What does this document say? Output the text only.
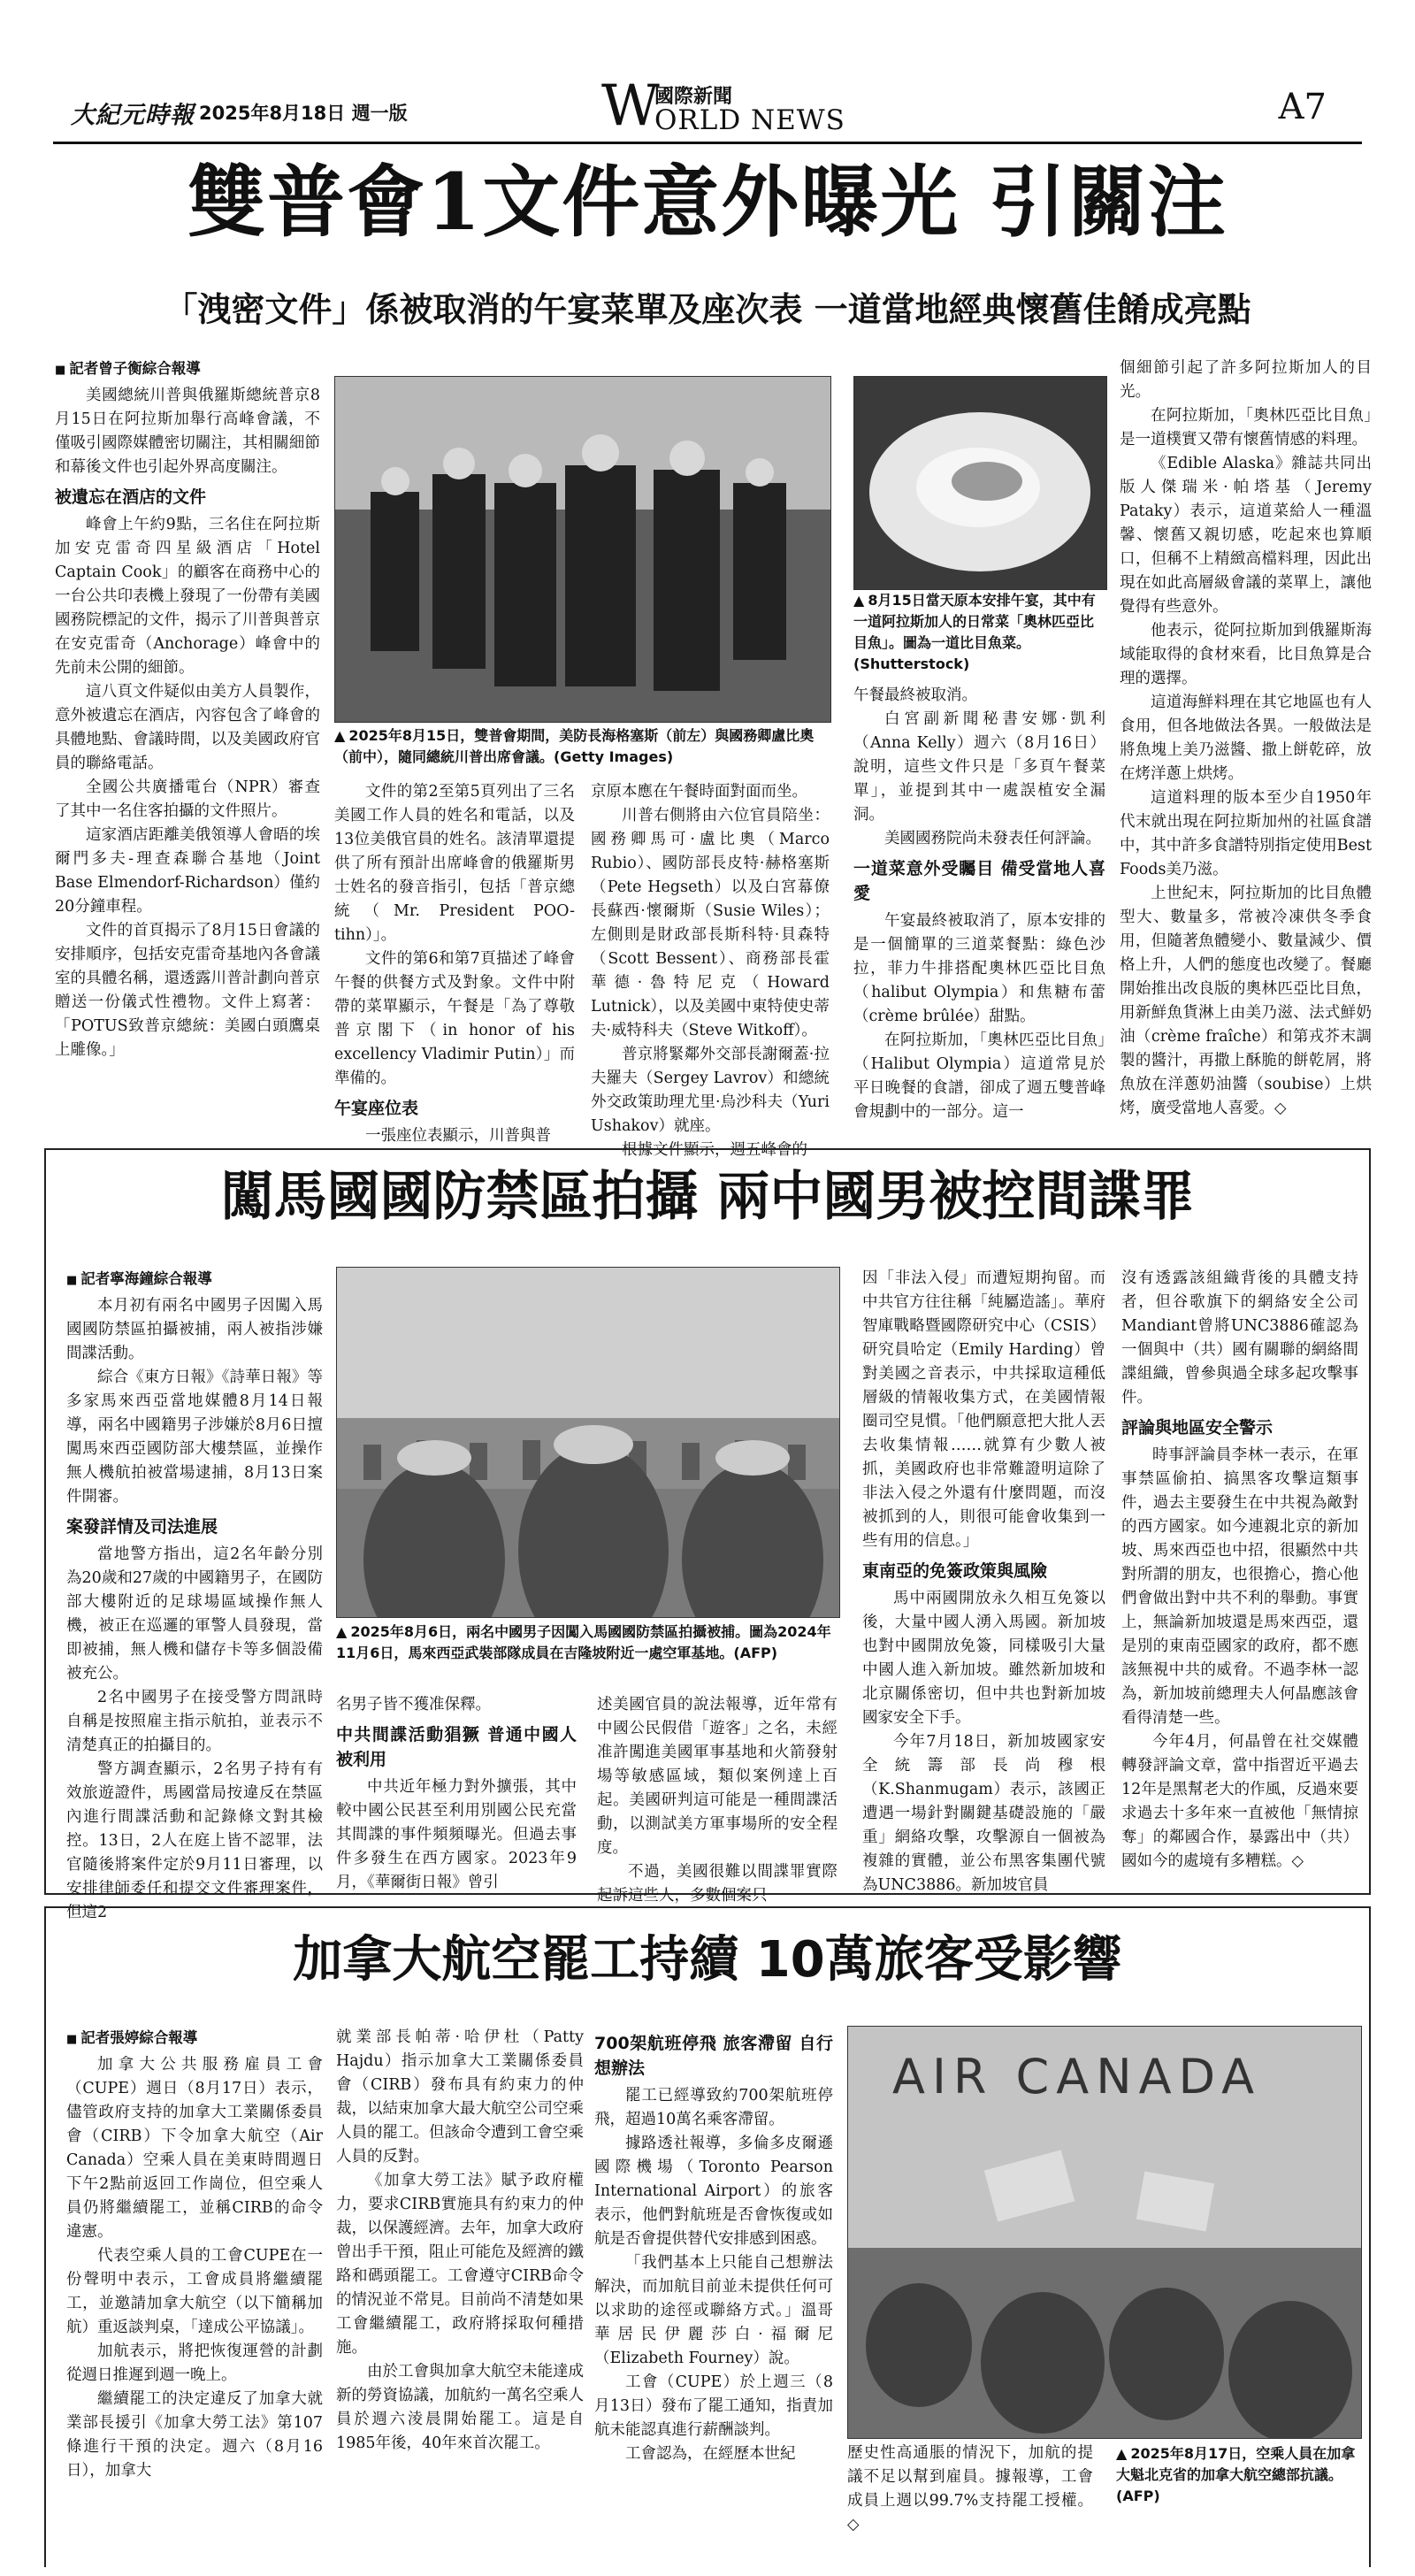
大紀元時報 2025年8月18日 週一版	W
國際新聞
ORLD NEWS	A7
雙普會1文件意外曝光 引關注
「洩密文件」係被取消的午宴菜單及座次表 一道當地經典懷舊佳餚成亮點
■ 記者曾子衡綜合報導

美國總統川普與俄羅斯總統普京8月15日在阿拉斯加舉行高峰會議，不僅吸引國際媒體密切關注，其相關細節和幕後文件也引起外界高度關注。

被遺忘在酒店的文件

峰會上午約9點，三名住在阿拉斯加安克雷奇四星級酒店「Hotel Captain Cook」的顧客在商務中心的一台公共印表機上發現了一份帶有美國國務院標記的文件，揭示了川普與普京在安克雷奇（Anchorage）峰會中的先前未公開的細節。

這八頁文件疑似由美方人員製作，意外被遺忘在酒店，內容包含了峰會的具體地點、會議時間，以及美國政府官員的聯絡電話。

全國公共廣播電台（NPR）審查了其中一名住客拍攝的文件照片。

這家酒店距離美俄領導人會晤的埃爾門多夫-理查森聯合基地（Joint Base Elmendorf-Richardson）僅約20分鐘車程。

文件的首頁揭示了8月15日會議的安排順序，包括安克雷奇基地內各會議室的具體名稱，還透露川普計劃向普京贈送一份儀式性禮物。文件上寫著：「POTUS致普京總統：美國白頭鷹桌上雕像。」

▲ 2025年8月15日，雙普會期間，美防長海格塞斯（前左）與國務卿盧比奧（前中），隨同總統川普出席會議。(Getty Images)

文件的第2至第5頁列出了三名美國工作人員的姓名和電話，以及13位美俄官員的姓名。該清單還提供了所有預計出席峰會的俄羅斯男士姓名的發音指引，包括「普京總統（Mr. President POO-tihn）」。

文件的第6和第7頁描述了峰會午餐的供餐方式及對象。文件中附帶的菜單顯示，午餐是「為了尊敬普京閣下（in honor of his excellency Vladimir Putin）」而準備的。

午宴座位表

一張座位表顯示，川普與普

京原本應在午餐時面對面而坐。

川普右側將由六位官員陪坐：國務卿馬可·盧比奧（Marco Rubio）、國防部長皮特·赫格塞斯（Pete Hegseth）以及白宮幕僚長蘇西·懷爾斯（Susie Wiles）；左側則是財政部長斯科特·貝森特（Scott Bessent）、商務部長霍華德·魯特尼克（Howard Lutnick），以及美國中東特使史蒂夫·威特科夫（Steve Witkoff）。

普京將緊鄰外交部長謝爾蓋·拉夫羅夫（Sergey Lavrov）和總統外交政策助理尤里·烏沙科夫（Yuri Ushakov）就座。

根據文件顯示，週五峰會的

▲ 8月15日當天原本安排午宴，其中有一道阿拉斯加人的日常菜「奧林匹亞比目魚」。圖為一道比目魚菜。(Shutterstock)

午餐最終被取消。

白宮副新聞秘書安娜·凱利（Anna Kelly）週六（8月16日）說明，這些文件只是「多頁午餐菜單」，並提到其中一處誤植安全漏洞。

美國國務院尚未發表任何評論。

一道菜意外受矚目 備受當地人喜愛

午宴最終被取消了，原本安排的是一個簡單的三道菜餐點：綠色沙拉，菲力牛排搭配奧林匹亞比目魚（halibut Olympia）和焦糖布蕾（crème brûlée）甜點。

在阿拉斯加，「奧林匹亞比目魚」（Halibut Olympia）這道常見於平日晚餐的食譜，卻成了週五雙普峰會規劃中的一部分。這一

個細節引起了許多阿拉斯加人的目光。

在阿拉斯加，「奧林匹亞比目魚」是一道樸實又帶有懷舊情感的料理。

《Edible Alaska》雜誌共同出版人傑瑞米·帕塔基（Jeremy Pataky）表示，這道菜給人一種溫馨、懷舊又親切感，吃起來也算順口，但稱不上精緻高檔料理，因此出現在如此高層級會議的菜單上，讓他覺得有些意外。

他表示，從阿拉斯加到俄羅斯海域能取得的食材來看，比目魚算是合理的選擇。

這道海鮮料理在其它地區也有人食用，但各地做法各異。一般做法是將魚塊上美乃滋醬、撒上餅乾碎，放在烤洋蔥上烘烤。

這道料理的版本至少自1950年代末就出現在阿拉斯加州的社區食譜中，其中許多食譜特別指定使用Best Foods美乃滋。

上世紀末，阿拉斯加的比目魚體型大、數量多，常被冷凍供冬季食用，但隨著魚體變小、數量減少、價格上升，人們的態度也改變了。餐廳開始推出改良版的奧林匹亞比目魚，用新鮮魚貨淋上由美乃滋、法式鮮奶油（crème fraîche）和第戎芥末調製的醬汁，再撒上酥脆的餅乾屑，將魚放在洋蔥奶油醬（soubise）上烘烤，廣受當地人喜愛。◇

闖馬國國防禁區拍攝 兩中國男被控間諜罪
■ 記者寧海鐘綜合報導

本月初有兩名中國男子因闖入馬國國防禁區拍攝被捕，兩人被指涉嫌間諜活動。

綜合《東方日報》《詩華日報》等多家馬來西亞當地媒體8月14日報導，兩名中國籍男子涉嫌於8月6日擅闖馬來西亞國防部大樓禁區，並操作無人機航拍被當場逮捕，8月13日案件開審。

案發詳情及司法進展

當地警方指出，這2名年齡分別為20歲和27歲的中國籍男子，在國防部大樓附近的足球場區域操作無人機，被正在巡邏的軍警人員發現，當即被捕，無人機和儲存卡等多個設備被充公。

2名中國男子在接受警方問訊時自稱是按照雇主指示航拍，並表示不清楚真正的拍攝目的。

警方調查顯示，2名男子持有有效旅遊證件，馬國當局按違反在禁區內進行間諜活動和記錄條文對其檢控。13日，2人在庭上皆不認罪，法官隨後將案件定於9月11日審理，以安排律師委任和提交文件審理案件，但這2

▲ 2025年8月6日，兩名中國男子因闖入馬國國防禁區拍攝被捕。圖為2024年11月6日，馬來西亞武裝部隊成員在吉隆坡附近一處空軍基地。(AFP)

名男子皆不獲准保釋。

中共間諜活動猖獗 普通中國人被利用

中共近年極力對外擴張，其中較中國公民甚至利用別國公民充當其間諜的事件頻頻曝光。但過去事件多發生在西方國家。2023年9月，《華爾街日報》曾引

述美國官員的說法報導，近年常有中國公民假借「遊客」之名，未經准許闖進美國軍事基地和火箭發射場等敏感區域，類似案例達上百起。美國研判這可能是一種間諜活動，以測試美方軍事場所的安全程度。

不過，美國很難以間諜罪實際起訴這些人，多數個案只

因「非法入侵」而遭短期拘留。而中共官方往往稱「純屬造謠」。華府智庫戰略暨國際研究中心（CSIS）研究員哈定（Emily Harding）曾對美國之音表示，中共採取這種低層級的情報收集方式，在美國情報圈司空見慣。「他們願意把大批人丟去收集情報……就算有少數人被抓，美國政府也非常難證明這除了非法入侵之外還有什麼問題，而沒被抓到的人，則很可能會收集到一些有用的信息。」

東南亞的免簽政策與風險

馬中兩國開放永久相互免簽以後，大量中國人湧入馬國。新加坡也對中國開放免簽，同樣吸引大量中國人進入新加坡。雖然新加坡和北京關係密切，但中共也對新加坡國家安全下手。

今年7月18日，新加坡國家安全統籌部長尚穆根（K.Shanmugam）表示，該國正遭遇一場針對關鍵基礎設施的「嚴重」網絡攻擊，攻擊源自一個被為複雜的實體，並公布黑客集團代號為UNC3886。新加坡官員

沒有透露該組織背後的具體支持者，但谷歌旗下的網絡安全公司Mandiant曾將UNC3886確認為一個與中（共）國有關聯的網絡間諜組織，曾參與過全球多起攻擊事件。

評論與地區安全警示

時事評論員李林一表示，在軍事禁區偷拍、搞黑客攻擊這類事件，過去主要發生在中共視為敵對的西方國家。如今連親北京的新加坡、馬來西亞也中招，很顯然中共對所謂的朋友，也很擔心，擔心他們會做出對中共不利的舉動。事實上，無論新加坡還是馬來西亞，還是別的東南亞國家的政府，都不應該無視中共的威脅。不過李林一認為，新加坡前總理夫人何晶應該會看得清楚一些。

今年4月，何晶曾在社交媒體轉發評論文章，當中指習近平過去12年是黑幫老大的作風，反過來要求過去十多年來一直被他「無情掠奪」的鄰國合作，暴露出中（共）國如今的處境有多糟糕。◇

加拿大航空罷工持續 10萬旅客受影響
■ 記者張婷綜合報導

加拿大公共服務雇員工會（CUPE）週日（8月17日）表示，儘管政府支持的加拿大工業關係委員會（CIRB）下令加拿大航空（Air Canada）空乘人員在美東時間週日下午2點前返回工作崗位，但空乘人員仍將繼續罷工，並稱CIRB的命令違憲。

代表空乘人員的工會CUPE在一份聲明中表示，工會成員將繼續罷工，並邀請加拿大航空（以下簡稱加航）重返談判桌，「達成公平協議」。

加航表示，將把恢復運營的計劃從週日推遲到週一晚上。

繼續罷工的決定違反了加拿大就業部長援引《加拿大勞工法》第107條進行干預的決定。週六（8月16日），加拿大

就業部長帕蒂·哈伊杜（Patty Hajdu）指示加拿大工業關係委員會（CIRB）發布具有約束力的仲裁，以結束加拿大最大航空公司空乘人員的罷工。但該命令遭到工會空乘人員的反對。

《加拿大勞工法》賦予政府權力，要求CIRB實施具有約束力的仲裁，以保護經濟。去年，加拿大政府曾出手干預，阻止可能危及經濟的鐵路和碼頭罷工。工會遵守CIRB命令的情況並不常見。目前尚不清楚如果工會繼續罷工，政府將採取何種措施。

由於工會與加拿大航空未能達成新的勞資協議，加航約一萬名空乘人員於週六淩晨開始罷工。這是自1985年後，40年來首次罷工。

700架航班停飛 旅客滯留 自行想辦法

罷工已經導致約700架航班停飛，超過10萬名乘客滯留。

據路透社報導，多倫多皮爾遜國際機場（Toronto Pearson International Airport）的旅客表示，他們對航班是否會恢復或如航是否會提供替代安排感到困惑。

「我們基本上只能自己想辦法解決，而加航目前並未提供任何可以求助的途徑或聯絡方式。」溫哥華居民伊麗莎白·福爾尼（Elizabeth Fourney）說。

工會（CUPE）於上週三（8月13日）發布了罷工通知，指責加航未能認真進行薪酬談判。

工會認為，在經歷本世紀

AIR CANADA

歷史性高通脹的情況下，加航的提議不足以幫到雇員。據報導，工會成員上週以99.7%支持罷工授權。◇

▲ 2025年8月17日，空乘人員在加拿大魁北克省的加拿大航空總部抗議。(AFP)
